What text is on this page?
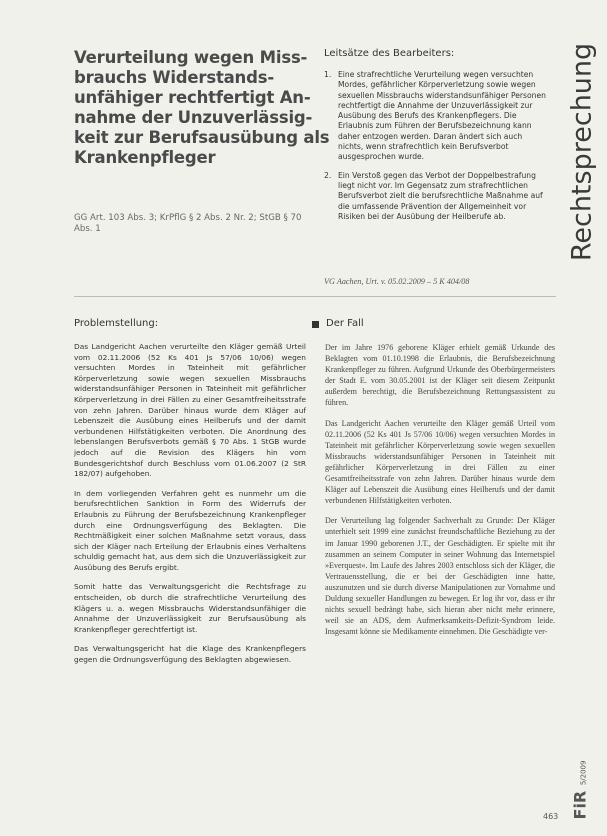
Verurteilung wegen Miss-
brauchs Widerstands-
unfähiger rechtfertigt An-
nahme der Unzuverlässig-
keit zur Berufsausübung als
Krankenpfleger
GG Art. 103 Abs. 3; KrPflG § 2 Abs. 2 Nr. 2; StGB § 70 Abs. 1
Leitsätze des Bearbeiters:
1. Eine strafrechtliche Verurteilung wegen versuchten Mordes, gefährlicher Körperverletzung sowie wegen sexuellen Missbrauchs widerstandsunfähiger Personen rechtfertigt die Annahme der Unzuverlässigkeit zur Ausübung des Berufs des Krankenpflegers. Die Erlaubnis zum Führen der Berufsbezeichnung kann daher entzogen werden. Daran ändert sich auch nichts, wenn strafrechtlich kein Berufsverbot ausgesprochen wurde.
2. Ein Verstoß gegen das Verbot der Doppelbestrafung liegt nicht vor. Im Gegensatz zum strafrechtlichen Berufsverbot zielt die berufsrechtliche Maßnahme auf die umfassende Prävention der Allgemeinheit vor Risiken bei der Ausübung der Heilberufe ab.
VG Aachen, Urt. v. 05.02.2009 – 5 K 404/08
Rechtsprechung
Problemstellung:

Das Landgericht Aachen verurteilte den Kläger gemäß Urteil vom 02.11.2006 (52 Ks 401 Js 57/06 10/06) wegen versuchten Mordes in Tateinheit mit gefährlicher Körperverletzung sowie wegen sexuellen Missbrauchs widerstandsunfähiger Personen in Tateinheit mit gefährlicher Körperverletzung in drei Fällen zu einer Gesamtfreiheitsstrafe von zehn Jahren. Darüber hinaus wurde dem Kläger auf Lebenszeit die Ausübung eines Heilberufs und der damit verbundenen Hilfstätigkeiten verboten. Die Anordnung des lebenslangen Berufsverbots gemäß § 70 Abs. 1 StGB wurde jedoch auf die Revision des Klägers hin vom Bundesgerichtshof durch Beschluss vom 01.06.2007 (2 StR 182/07) aufgehoben.

In dem vorliegenden Verfahren geht es nunmehr um die berufsrechtlichen Sanktion in Form des Widerrufs der Erlaubnis zu Führung der Berufsbezeichnung Krankenpfleger durch eine Ordnungsverfügung des Beklagten. Die Rechtmäßigkeit einer solchen Maßnahme setzt voraus, dass sich der Kläger nach Erteilung der Erlaubnis eines Verhaltens schuldig gemacht hat, aus dem sich die Unzuverlässigkeit zur Ausübung des Berufs ergibt.

Somit hatte das Verwaltungsgericht die Rechtsfrage zu entscheiden, ob durch die strafrechtliche Verurteilung des Klägers u. a. wegen Missbrauchs Widerstandsunfähiger die Annahme der Unzuverlässigkeit zur Berufsausübung als Krankenpfleger gerechtfertigt ist.

Das Verwaltungsgericht hat die Klage des Krankenpflegers gegen die Ordnungsverfügung des Beklagten abgewiesen.

Der Fall

Der im Jahre 1976 geborene Kläger erhielt gemäß Urkunde des Beklagten vom 01.10.1998 die Erlaubnis, die Berufsbezeichnung Krankenpfleger zu führen. Aufgrund Urkunde des Oberbürgermeisters der Stadt E. vom 30.05.2001 ist der Kläger seit diesem Zeitpunkt außerdem berechtigt, die Berufsbezeichnung Rettungsassistent zu führen.

Das Landgericht Aachen verurteilte den Kläger gemäß Urteil vom 02.11.2006 (52 Ks 401 Js 57/06 10/06) wegen versuchten Mordes in Tateinheit mit gefährlicher Körperverletzung sowie wegen sexuellen Missbrauchs widerstandsunfähiger Personen in Tateinheit mit gefährlicher Körperverletzung in drei Fällen zu einer Gesamtfreiheitsstrafe von zehn Jahren. Darüber hinaus wurde dem Kläger auf Lebenszeit die Ausübung eines Heilberufs und der damit verbundenen Hilfstätigkeiten verboten.

Der Verurteilung lag folgender Sachverhalt zu Grunde: Der Kläger unterhielt seit 1999 eine zunächst freundschaftliche Beziehung zu der im Januar 1990 geborenen J.T., der Geschädigten. Er spielte mit ihr zusammen an seinem Computer in seiner Wohnung das Internetspiel »Everquest«. Im Laufe des Jahres 2003 entschloss sich der Kläger, die Vertrauensstellung, die er bei der Geschädigten inne hatte, auszunutzen und sie durch diverse Manipulationen zur Vornahme und Duldung sexueller Handlungen zu bewegen. Er log ihr vor, dass er ihr nichts sexuell bedrängt habe, sich hieran aber nicht mehr erinnere, weil sie an ADS, dem Aufmerksamkeits-Defizit-Syndrom leide. Insgesamt könne sie Medikamente einnehmen. Die Geschädigte ver-

FiR 5/2009
463
